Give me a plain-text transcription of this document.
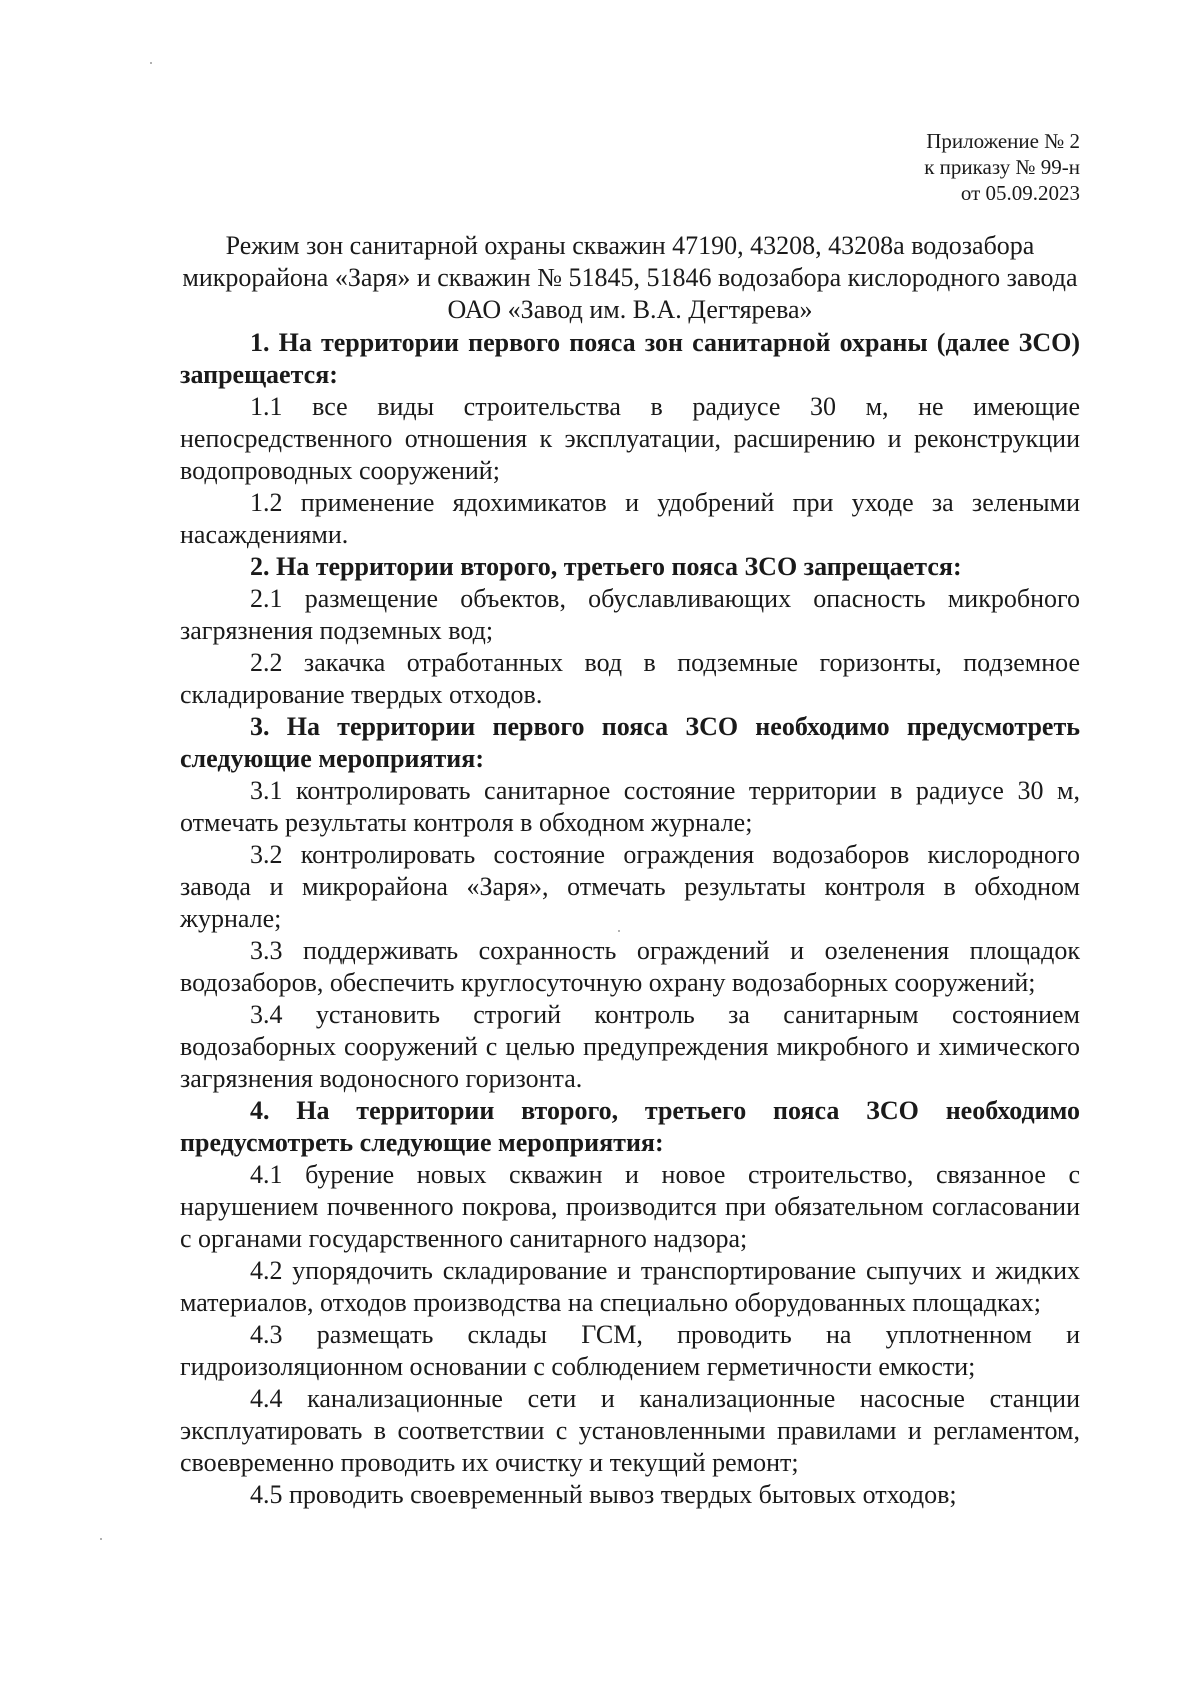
Приложение № 2
к приказу № 99-н
от 05.09.2023
Режим зон санитарной охраны скважин 47190, 43208, 43208а водозабора микрорайона «Заря» и скважин № 51845, 51846 водозабора кислородного завода ОАО «Завод им. В.А. Дегтярева»

1. На территории первого пояса зон санитарной охраны (далее ЗСО) запрещается:

1.1 все виды строительства в радиусе 30 м, не имеющие непосредственного отношения к эксплуатации, расширению и реконструкции водопроводных сооружений;

1.2 применение ядохимикатов и удобрений при уходе за зелеными насаждениями.

2. На территории второго, третьего пояса ЗСО запрещается:

2.1 размещение объектов, обуславливающих опасность микробного загрязнения подземных вод;

2.2 закачка отработанных вод в подземные горизонты, подземное складирование твердых отходов.

3. На территории первого пояса ЗСО необходимо предусмотреть следующие мероприятия:

3.1 контролировать санитарное состояние территории в радиусе 30 м, отмечать результаты контроля в обходном журнале;

3.2 контролировать состояние ограждения водозаборов кислородного завода и микрорайона «Заря», отмечать результаты контроля в обходном журнале;

3.3 поддерживать сохранность ограждений и озеленения площадок водозаборов, обеспечить круглосуточную охрану водозаборных сооружений;

3.4 установить строгий контроль за санитарным состоянием водозаборных сооружений с целью предупреждения микробного и химического загрязнения водоносного горизонта.

4. На территории второго, третьего пояса ЗСО необходимо предусмотреть следующие мероприятия:

4.1 бурение новых скважин и новое строительство, связанное с нарушением почвенного покрова, производится при обязательном согласовании с органами государственного санитарного надзора;

4.2 упорядочить складирование и транспортирование сыпучих и жидких материалов, отходов производства на специально оборудованных площадках;

4.3 размещать склады ГСМ, проводить на уплотненном и гидроизоляционном основании с соблюдением герметичности емкости;

4.4 канализационные сети и канализационные насосные станции эксплуатировать в соответствии с установленными правилами и регламентом, своевременно проводить их очистку и текущий ремонт;

4.5 проводить своевременный вывоз твердых бытовых отходов;
